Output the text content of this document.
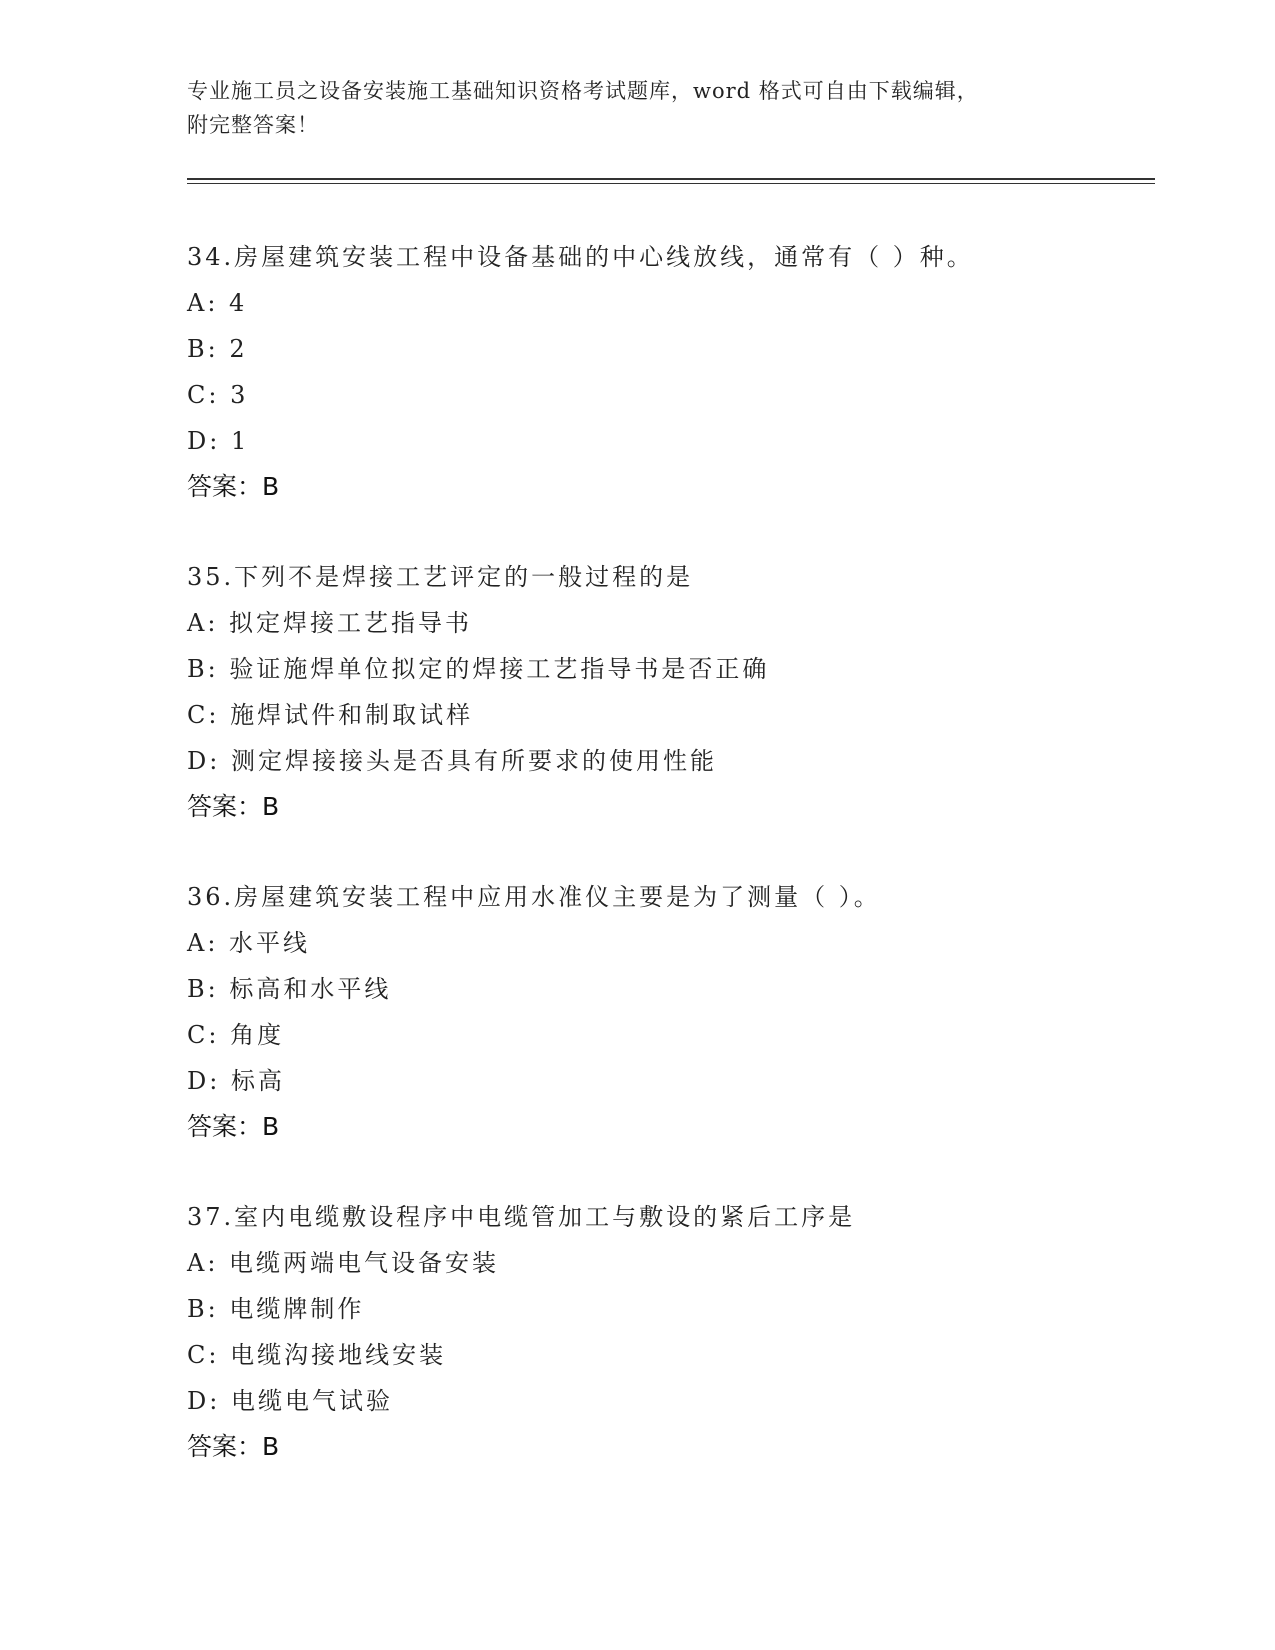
专业施工员之设备安装施工基础知识资格考试题库，word 格式可自由下载编辑，
附完整答案！
34.房屋建筑安装工程中设备基础的中心线放线，通常有（ ）种。
A: 4
B: 2
C: 3
D: 1
答案：B
35.下列不是焊接工艺评定的一般过程的是
A: 拟定焊接工艺指导书
B: 验证施焊单位拟定的焊接工艺指导书是否正确
C: 施焊试件和制取试样
D: 测定焊接接头是否具有所要求的使用性能
答案：B
36.房屋建筑安装工程中应用水准仪主要是为了测量（ ）。
A: 水平线
B: 标高和水平线
C: 角度
D: 标高
答案：B
37.室内电缆敷设程序中电缆管加工与敷设的紧后工序是
A: 电缆两端电气设备安装
B: 电缆牌制作
C: 电缆沟接地线安装
D: 电缆电气试验
答案：B
